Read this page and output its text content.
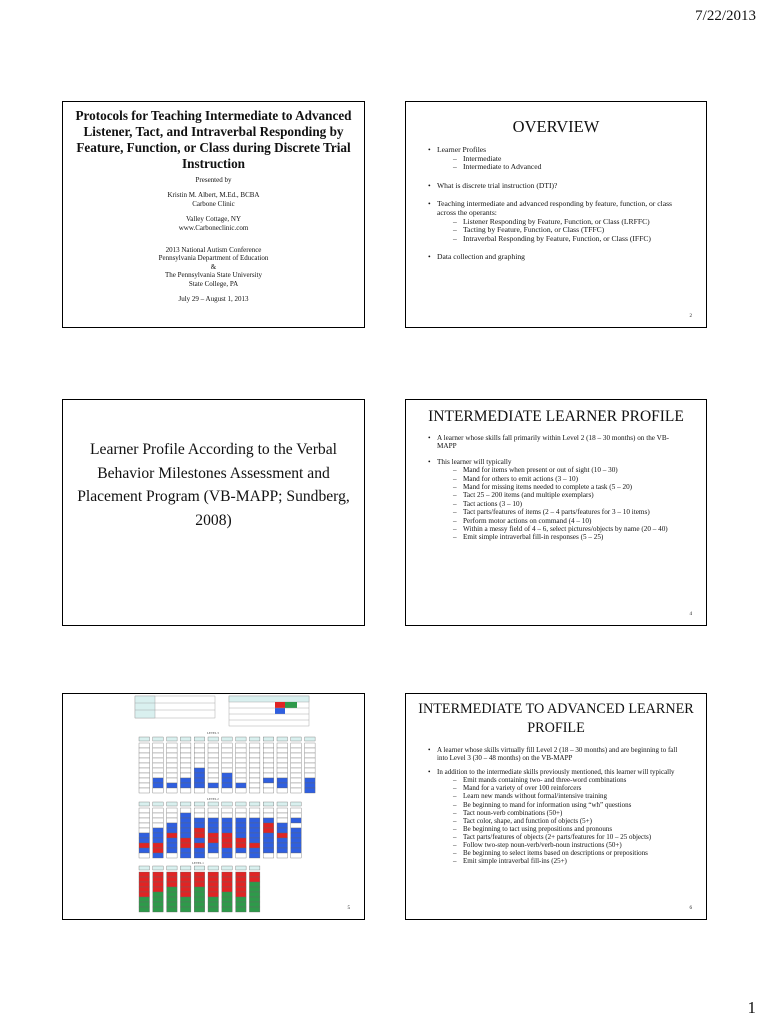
7/22/2013
Protocols for Teaching Intermediate to Advanced Listener, Tact, and Intraverbal Responding by Feature, Function, or Class during Discrete Trial Instruction
Presented by
Kristin M. Albert, M.Ed., BCBA
Carbone Clinic
Valley Cottage, NY
www.Carboneclinic.com
2013 National Autism Conference
Pennsylvania Department of Education
&
The Pennsylvania State University
State College, PA
July 29 – August 1, 2013
OVERVIEW
• Learner Profiles
– Intermediate
– Intermediate to Advanced
• What is discrete trial instruction (DTI)?
• Teaching intermediate and advanced responding by feature, function, or class across the operants:
– Listener Responding by Feature, Function, or Class (LRFFC)
– Tacting by Feature, Function, or Class (TFFC)
– Intraverbal Responding by Feature, Function, or Class (IFFC)
• Data collection and graphing
2
Learner Profile According to the Verbal Behavior Milestones Assessment and Placement Program (VB-MAPP; Sundberg, 2008)
INTERMEDIATE LEARNER PROFILE
• A learner whose skills fall primarily within Level 2 (18 – 30 months) on the VB-MAPP
• This learner will typically
– Mand for items when present or out of sight (10 – 30)
– Mand for others to emit actions (3 – 10)
– Mand for missing items needed to complete a task (5 – 20)
– Tact 25 – 200 items (and multiple exemplars)
– Tact actions (3 – 10)
– Tact parts/features of items (2 – 4 parts/features for 3 – 10 items)
– Perform motor actions on command (4 – 10)
– Within a messy field of 4 – 6, select pictures/objects by name (20 – 40)
– Emit simple intraverbal fill-in responses (5 – 25)
4
LEVEL 3
LEVEL 2
LEVEL 1
5
INTERMEDIATE TO ADVANCED LEARNER PROFILE
• A learner whose skills virtually fill Level 2 (18 – 30 months) and are beginning to fall into Level 3 (30 – 48 months) on the VB-MAPP
• In addition to the intermediate skills previously mentioned, this learner will typically
– Emit mands containing two- and three-word combinations
– Mand for a variety of over 100 reinforcers
– Learn new mands without formal/intensive training
– Be beginning to mand for information using “wh” questions
– Tact noun-verb combinations (50+)
– Tact color, shape, and function of objects (5+)
– Be beginning to tact using prepositions and pronouns
– Tact parts/features of objects (2+ parts/features for 10 – 25 objects)
– Follow two-step noun-verb/verb-noun instructions (50+)
– Be beginning to select items based on descriptions or prepositions
– Emit simple intraverbal fill-ins (25+)
6
1
